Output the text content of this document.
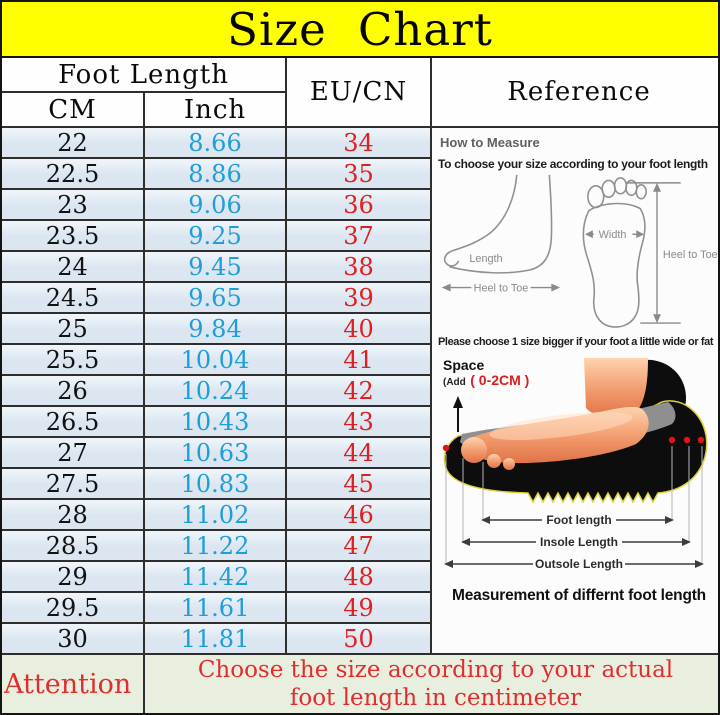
Size Chart
Foot Length
CM	Inch
EU/CN	Reference
How to Measure
To choose your size according to your foot length
Length
Heel to Toe
Width
Heel to Toe
Please choose 1 size bigger if your foot a little wide or fat
Space
(Add ( 0-2CM )
Foot length
Insole Length
Outsole Length
Measurement of differnt foot length
Attention	Choose the size according to your actual
foot length in centimeter
22	8.66	34
22.5	8.86	35
23	9.06	36
23.5	9.25	37
24	9.45	38
24.5	9.65	39
25	9.84	40
25.5	10.04	41
26	10.24	42
26.5	10.43	43
27	10.63	44
27.5	10.83	45
28	11.02	46
28.5	11.22	47
29	11.42	48
29.5	11.61	49
30	11.81	50
